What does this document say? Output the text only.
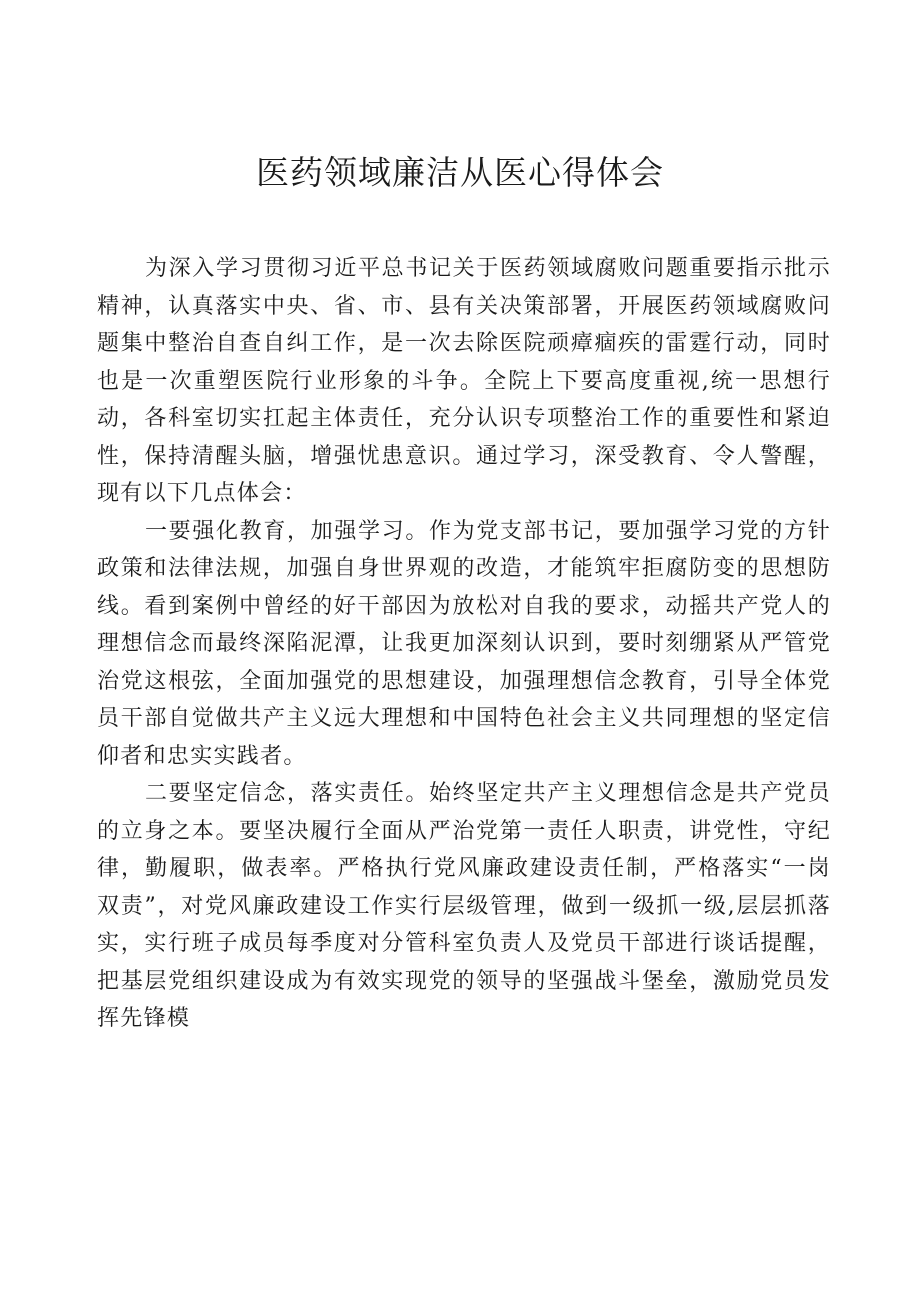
医药领域廉洁从医心得体会

为深入学习贯彻习近平总书记关于医药领域腐败问题重要指示批示精神，认真落实中央、省、市、县有关决策部署，开展医药领域腐败问题集中整治自查自纠工作，是一次去除医院顽瘴痼疾的雷霆行动，同时也是一次重塑医院行业形象的斗争。全院上下要高度重视,统一思想行动，各科室切实扛起主体责任，充分认识专项整治工作的重要性和紧迫性，保持清醒头脑，增强忧患意识。通过学习，深受教育、令人警醒，现有以下几点体会：

一要强化教育，加强学习。作为党支部书记，要加强学习党的方针政策和法律法规，加强自身世界观的改造，才能筑牢拒腐防变的思想防线。看到案例中曾经的好干部因为放松对自我的要求，动摇共产党人的理想信念而最终深陷泥潭，让我更加深刻认识到，要时刻绷紧从严管党治党这根弦，全面加强党的思想建设，加强理想信念教育，引导全体党员干部自觉做共产主义远大理想和中国特色社会主义共同理想的坚定信仰者和忠实实践者。

二要坚定信念，落实责任。始终坚定共产主义理想信念是共产党员的立身之本。要坚决履行全面从严治党第一责任人职责，讲党性，守纪律，勤履职，做表率。严格执行党风廉政建设责任制，严格落实“一岗双责”，对党风廉政建设工作实行层级管理，做到一级抓一级,层层抓落实，实行班子成员每季度对分管科室负责人及党员干部进行谈话提醒，把基层党组织建设成为有效实现党的领导的坚强战斗堡垒，激励党员发挥先锋模
